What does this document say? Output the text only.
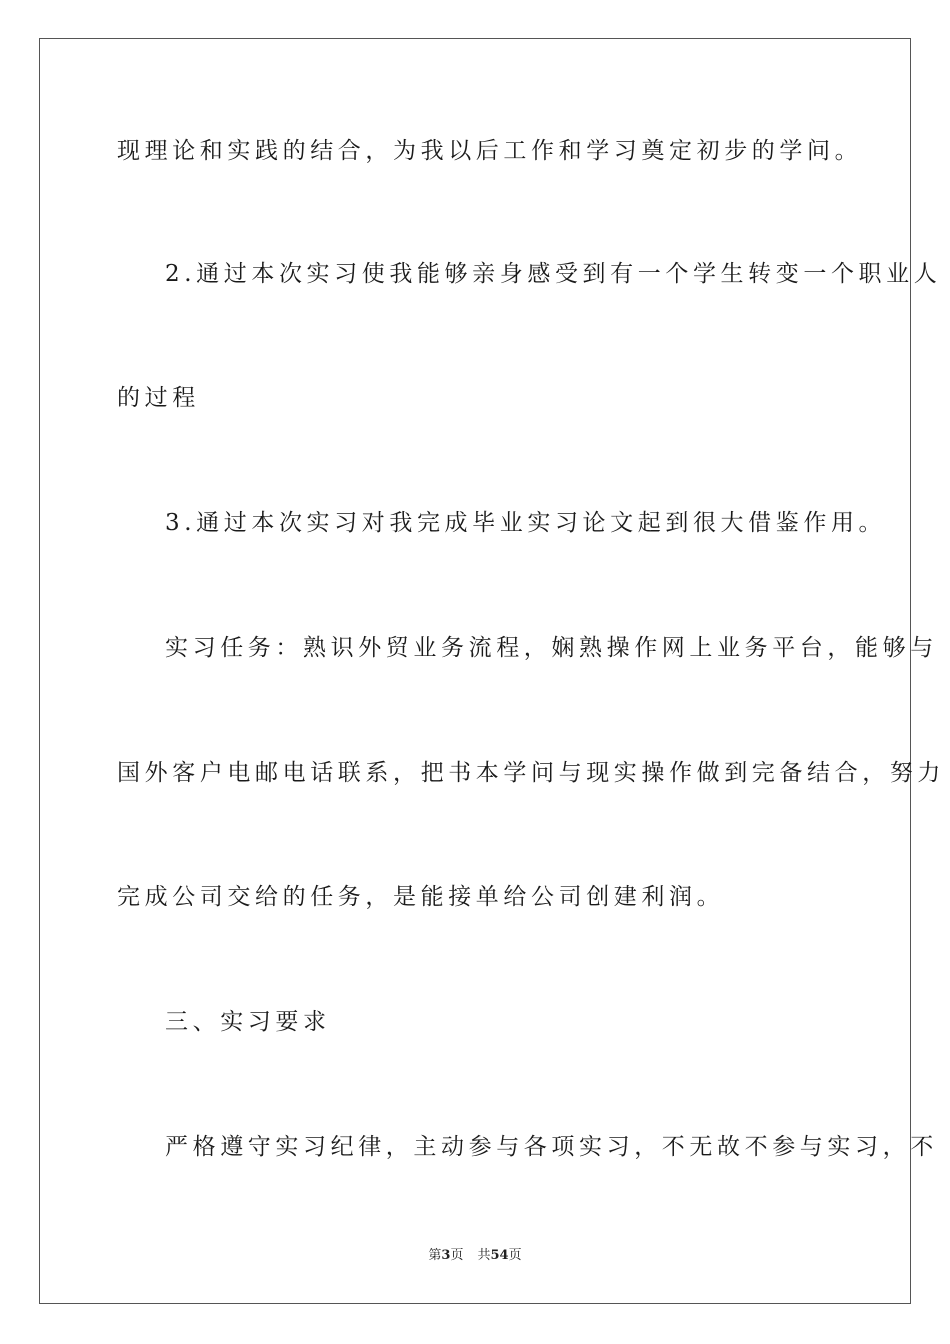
现理论和实践的结合，为我以后工作和学习奠定初步的学问。
2.通过本次实习使我能够亲身感受到有一个学生转变一个职业人
的过程
3.通过本次实习对我完成毕业实习论文起到很大借鉴作用。
实习任务：熟识外贸业务流程，娴熟操作网上业务平台，能够与
国外客户电邮电话联系，把书本学问与现实操作做到完备结合，努力
完成公司交给的任务，是能接单给公司创建利润。
三、实习要求
严格遵守实习纪律，主动参与各项实习，不无故不参与实习，不
第3页 共54页
